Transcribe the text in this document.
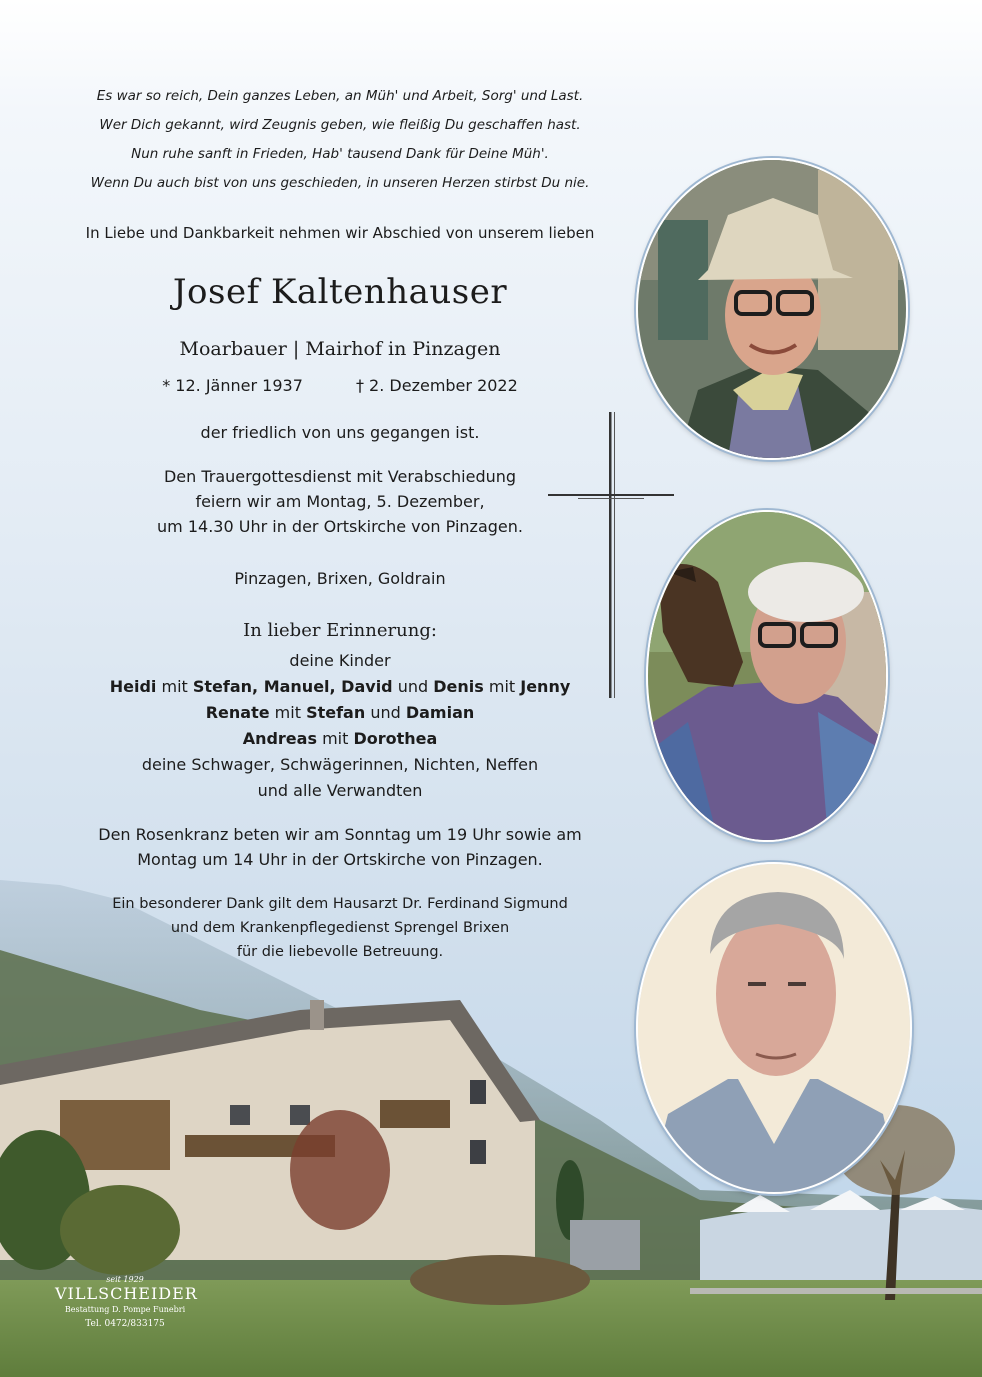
Es war so reich, Dein ganzes Leben, an Müh' und Arbeit, Sorg' und Last.
Wer Dich gekannt, wird Zeugnis geben, wie fleißig Du geschaffen hast.
Nun ruhe sanft in Frieden, Hab' tausend Dank für Deine Müh'.
Wenn Du auch bist von uns geschieden, in unseren Herzen stirbst Du nie.
In Liebe und Dankbarkeit nehmen wir Abschied von unserem lieben
Josef Kaltenhauser
Moarbauer | Mairhof in Pinzagen
* 12. Jänner 1937	† 2. Dezember 2022
der friedlich von uns gegangen ist.
Den Trauergottesdienst mit Verabschiedung
feiern wir am Montag, 5. Dezember,
um 14.30 Uhr in der Ortskirche von Pinzagen.
Pinzagen, Brixen, Goldrain
In lieber Erinnerung:
deine Kinder
Heidi mit Stefan, Manuel, David und Denis mit Jenny
Renate mit Stefan und Damian
Andreas mit Dorothea
deine Schwager, Schwägerinnen, Nichten, Neffen
und alle Verwandten
Den Rosenkranz beten wir am Sonntag um 19 Uhr sowie am
Montag um 14 Uhr in der Ortskirche von Pinzagen.
Ein besonderer Dank gilt dem Hausarzt Dr. Ferdinand Sigmund
und dem Krankenpflegedienst Sprengel Brixen
für die liebevolle Betreuung.
seit 1929
VILLSCHEIDER
Bestattung D. Pompe Funebri
Tel. 0472/833175
